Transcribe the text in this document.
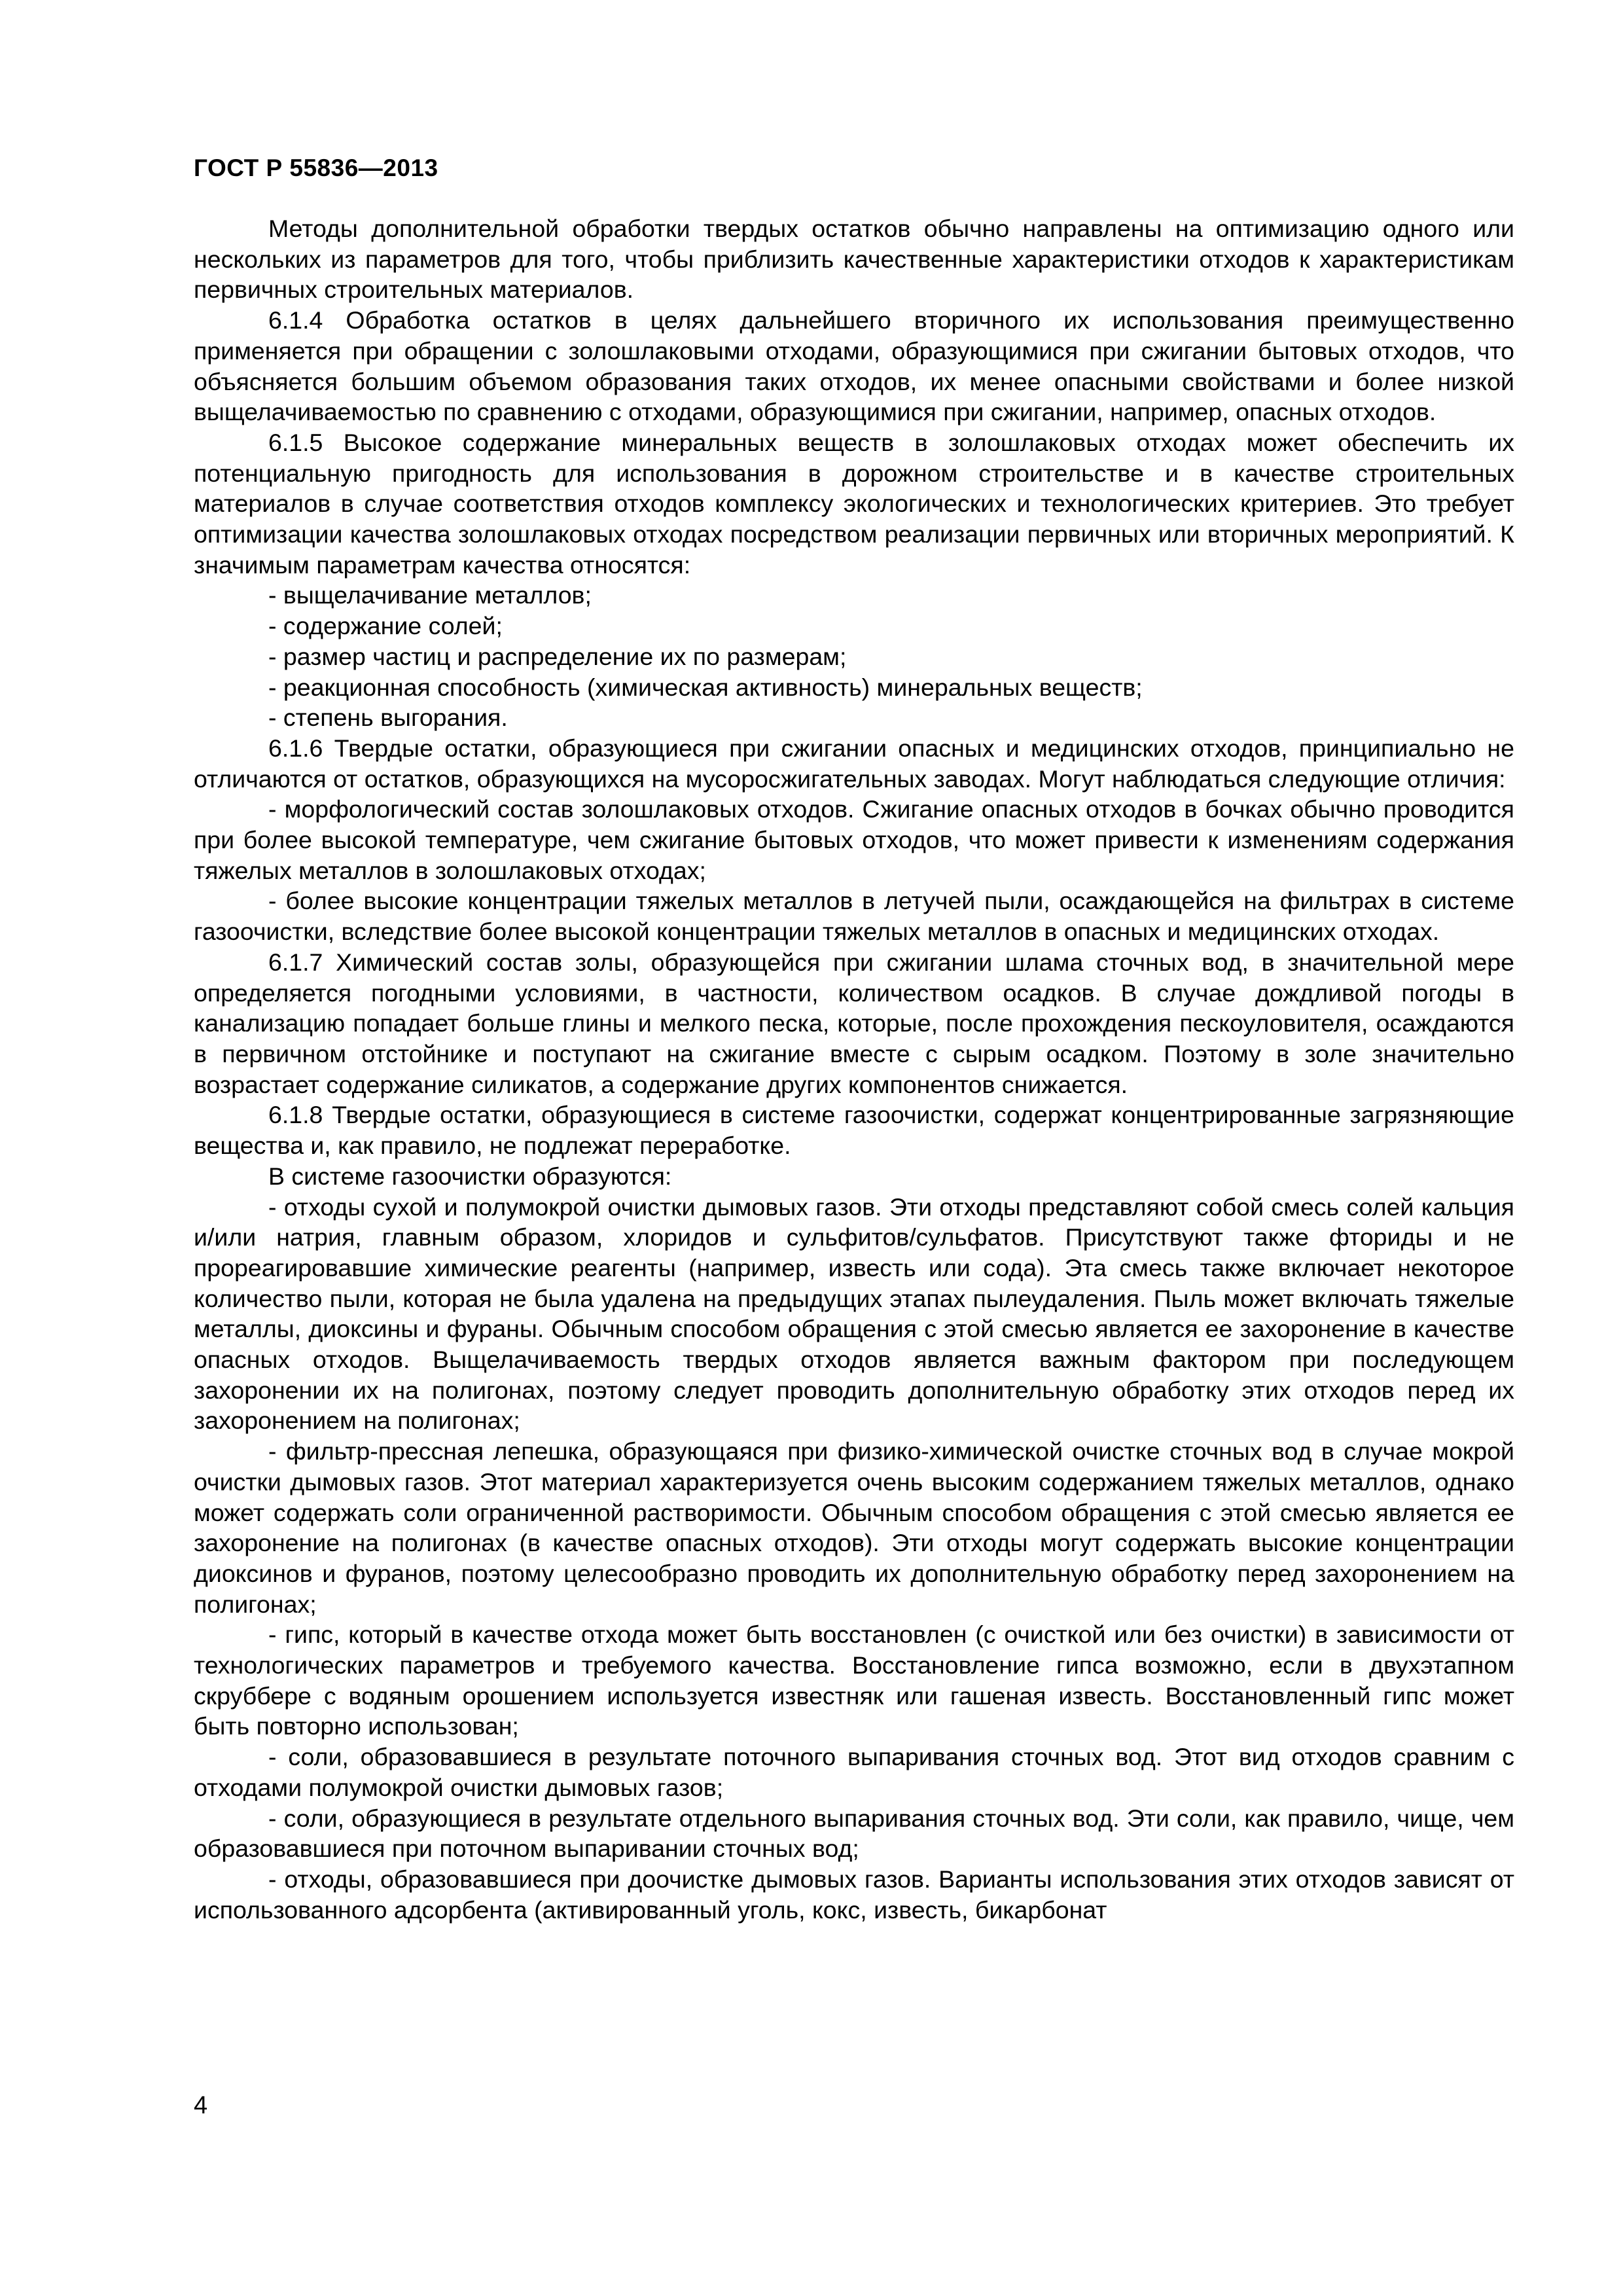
ГОСТ Р 55836—2013

Методы дополнительной обработки твердых остатков обычно направлены на оптимизацию одного или нескольких из параметров для того, чтобы приблизить качественные характеристики отходов к характеристикам первичных строительных материалов.

6.1.4 Обработка остатков в целях дальнейшего вторичного их использования преимущественно применяется при обращении с золошлаковыми отходами, образующимися при сжигании бытовых отходов, что объясняется большим объемом образования таких отходов, их менее опасными свойствами и более низкой выщелачиваемостью по сравнению с отходами, образующимися при сжигании, например, опасных отходов.

6.1.5 Высокое содержание минеральных веществ в золошлаковых отходах может обеспечить их потенциальную пригодность для использования в дорожном строительстве и в качестве строительных материалов в случае соответствия отходов комплексу экологических и технологических критериев. Это требует оптимизации качества золошлаковых отходах посредством реализации первичных или вторичных мероприятий. К значимым параметрам качества относятся:

- выщелачивание металлов;

- содержание солей;

- размер частиц и распределение их по размерам;

- реакционная способность (химическая активность) минеральных веществ;

- степень выгорания.

6.1.6 Твердые остатки, образующиеся при сжигании опасных и медицинских отходов, принципиально не отличаются от остатков, образующихся на мусоросжигательных заводах. Могут наблюдаться следующие отличия:

- морфологический состав золошлаковых отходов. Сжигание опасных отходов в бочках обычно проводится при более высокой температуре, чем сжигание бытовых отходов, что может привести к изменениям содержания тяжелых металлов в золошлаковых отходах;

- более высокие концентрации тяжелых металлов в летучей пыли, осаждающейся на фильтрах в системе газоочистки, вследствие более высокой концентрации тяжелых металлов в опасных и медицинских отходах.

6.1.7 Химический состав золы, образующейся при сжигании шлама сточных вод, в значительной мере определяется погодными условиями, в частности, количеством осадков. В случае дождливой погоды в канализацию попадает больше глины и мелкого песка, которые, после прохождения пескоуловителя, осаждаются в первичном отстойнике и поступают на сжигание вместе с сырым осадком. Поэтому в золе значительно возрастает содержание силикатов, а содержание других компонентов снижается.

6.1.8 Твердые остатки, образующиеся в системе газоочистки, содержат концентрированные загрязняющие вещества и, как правило, не подлежат переработке.

В системе газоочистки образуются:

- отходы сухой и полумокрой очистки дымовых газов. Эти отходы представляют собой смесь солей кальция и/или натрия, главным образом, хлоридов и сульфитов/сульфатов. Присутствуют также фториды и не прореагировавшие химические реагенты (например, известь или сода). Эта смесь также включает некоторое количество пыли, которая не была удалена на предыдущих этапах пылеудаления. Пыль может включать тяжелые металлы, диоксины и фураны. Обычным способом обращения с этой смесью является ее захоронение в качестве опасных отходов. Выщелачиваемость твердых отходов является важным фактором при последующем захоронении их на полигонах, поэтому следует проводить дополнительную обработку этих отходов перед их захоронением на полигонах;

- фильтр-прессная лепешка, образующаяся при физико-химической очистке сточных вод в случае мокрой очистки дымовых газов. Этот материал характеризуется очень высоким содержанием тяжелых металлов, однако может содержать соли ограниченной растворимости. Обычным способом обращения с этой смесью является ее захоронение на полигонах (в качестве опасных отходов). Эти отходы могут содержать высокие концентрации диоксинов и фуранов, поэтому целесообразно проводить их дополнительную обработку перед захоронением на полигонах;

- гипс, который в качестве отхода может быть восстановлен (с очисткой или без очистки) в зависимости от технологических параметров и требуемого качества. Восстановление гипса возможно, если в двухэтапном скруббере с водяным орошением используется известняк или гашеная известь. Восстановленный гипс может быть повторно использован;

- соли, образовавшиеся в результате поточного выпаривания сточных вод. Этот вид отходов сравним с отходами полумокрой очистки дымовых газов;

- соли, образующиеся в результате отдельного выпаривания сточных вод. Эти соли, как правило, чище, чем образовавшиеся при поточном выпаривании сточных вод;

- отходы, образовавшиеся при доочистке дымовых газов. Варианты использования этих отходов зависят от использованного адсорбента (активированный уголь, кокс, известь, бикарбонат

4
